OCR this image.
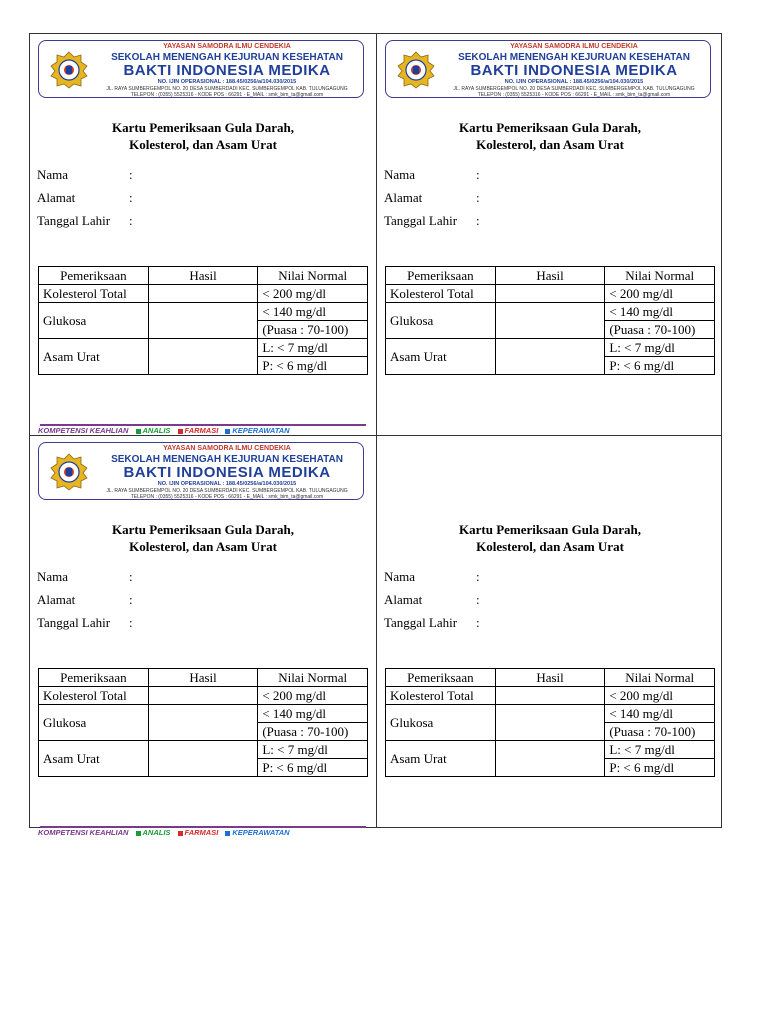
YAYASAN SAMODRA ILMU CENDEKIA
SEKOLAH MENENGAH KEJURUAN KESEHATAN
BAKTI INDONESIA MEDIKA
NO. IJIN OPERASIONAL : 188.45/0256/a/104.030/2015
JL. RAYA SUMBERGEMPOL NO. 20 DESA SUMBERDADI KEC. SUMBERGEMPOL KAB. TULUNGAGUNG
TELEPON : (0355) 5525316 - KODE POS : 66291 - E_MAIL : smk_bim_ta@gmail.com
Kartu Pemeriksaan Gula Darah,
Kolesterol, dan Asam Urat
Nama	:
Alamat	:
Tanggal Lahir :
Pemeriksaan	Hasil	Nilai Normal
Kolesterol Total		< 200 mg/dl
Glukosa		< 140 mg/dl
		(Puasa : 70-100)
Asam Urat		L: < 7 mg/dl
		P: < 6 mg/dl
KOMPETENSI KEAHLIAN ANALIS FARMASI KEPERAWATAN
YAYASAN SAMODRA ILMU CENDEKIA
SEKOLAH MENENGAH KEJURUAN KESEHATAN
BAKTI INDONESIA MEDIKA
NO. IJIN OPERASIONAL : 188.45/0256/a/104.030/2015
JL. RAYA SUMBERGEMPOL NO. 20 DESA SUMBERDADI KEC. SUMBERGEMPOL KAB. TULUNGAGUNG
TELEPON : (0355) 5525316 - KODE POS : 66291 - E_MAIL : smk_bim_ta@gmail.com
Kartu Pemeriksaan Gula Darah,
Kolesterol, dan Asam Urat
Nama	:
Alamat	:
Tanggal Lahir :
Pemeriksaan	Hasil	Nilai Normal
Kolesterol Total		< 200 mg/dl
Glukosa		< 140 mg/dl
		(Puasa : 70-100)
Asam Urat		L: < 7 mg/dl
		P: < 6 mg/dl
YAYASAN SAMODRA ILMU CENDEKIA
SEKOLAH MENENGAH KEJURUAN KESEHATAN
BAKTI INDONESIA MEDIKA
NO. IJIN OPERASIONAL : 188.45/0256/a/104.030/2015
JL. RAYA SUMBERGEMPOL NO. 20 DESA SUMBERDADI KEC. SUMBERGEMPOL KAB. TULUNGAGUNG
TELEPON : (0355) 5525316 - KODE POS : 66291 - E_MAIL : smk_bim_ta@gmail.com
Kartu Pemeriksaan Gula Darah,
Kolesterol, dan Asam Urat
Nama	:
Alamat	:
Tanggal Lahir :
Pemeriksaan	Hasil	Nilai Normal
Kolesterol Total		< 200 mg/dl
Glukosa		< 140 mg/dl
		(Puasa : 70-100)
Asam Urat		L: < 7 mg/dl
		P: < 6 mg/dl
KOMPETENSI KEAHLIAN ANALIS FARMASI KEPERAWATAN
Kartu Pemeriksaan Gula Darah,
Kolesterol, dan Asam Urat
Nama	:
Alamat	:
Tanggal Lahir :
Pemeriksaan	Hasil	Nilai Normal
Kolesterol Total		< 200 mg/dl
Glukosa		< 140 mg/dl
		(Puasa : 70-100)
Asam Urat		L: < 7 mg/dl
		P: < 6 mg/dl
